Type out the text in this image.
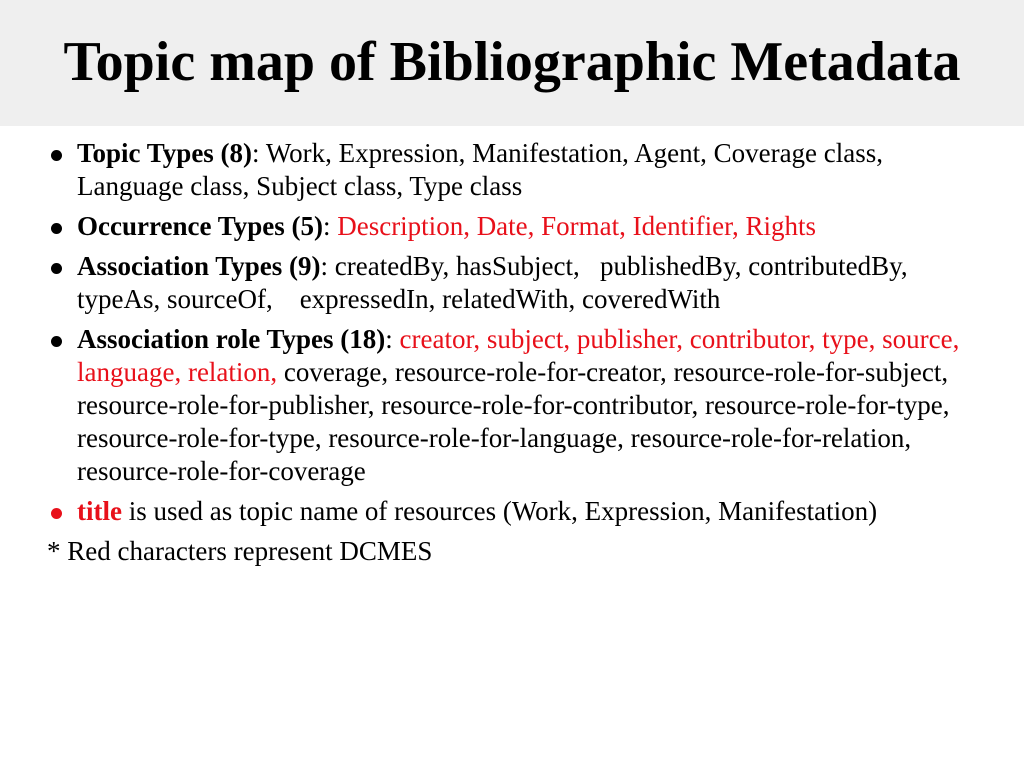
Topic map of Bibliographic Metadata
Topic Types (8): Work, Expression, Manifestation, Agent, Coverage class, Language class, Subject class, Type class
Occurrence Types (5): Description, Date, Format, Identifier, Rights
Association Types (9): createdBy, hasSubject,   publishedBy, contributedBy, typeAs, sourceOf,    expressedIn, relatedWith, coveredWith
Association role Types (18): creator, subject, publisher, contributor, type, source, language, relation, coverage, resource-role-for-creator, resource-role-for-subject, resource-role-for-publisher, resource-role-for-contributor, resource-role-for-type, resource-role-for-type, resource-role-for-language, resource-role-for-relation, resource-role-for-coverage
title is used as topic name of resources (Work, Expression, Manifestation)
* Red characters represent DCMES
